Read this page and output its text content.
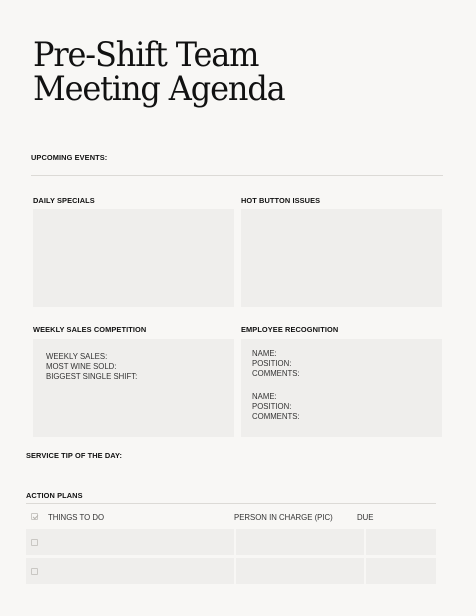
Pre-Shift Team
Meeting Agenda
UPCOMING EVENTS:
DAILY SPECIALS	HOT BUTTON ISSUES
WEEKLY SALES COMPETITION	EMPLOYEE RECOGNITION
WEEKLY SALES:
MOST WINE SOLD:
BIGGEST SINGLE SHIFT:
NAME:
POSITION:
COMMENTS:
NAME:
POSITION:
COMMENTS:
SERVICE TIP OF THE DAY:
ACTION PLANS
THINGS TO DO	PERSON IN CHARGE (PIC)	DUE
